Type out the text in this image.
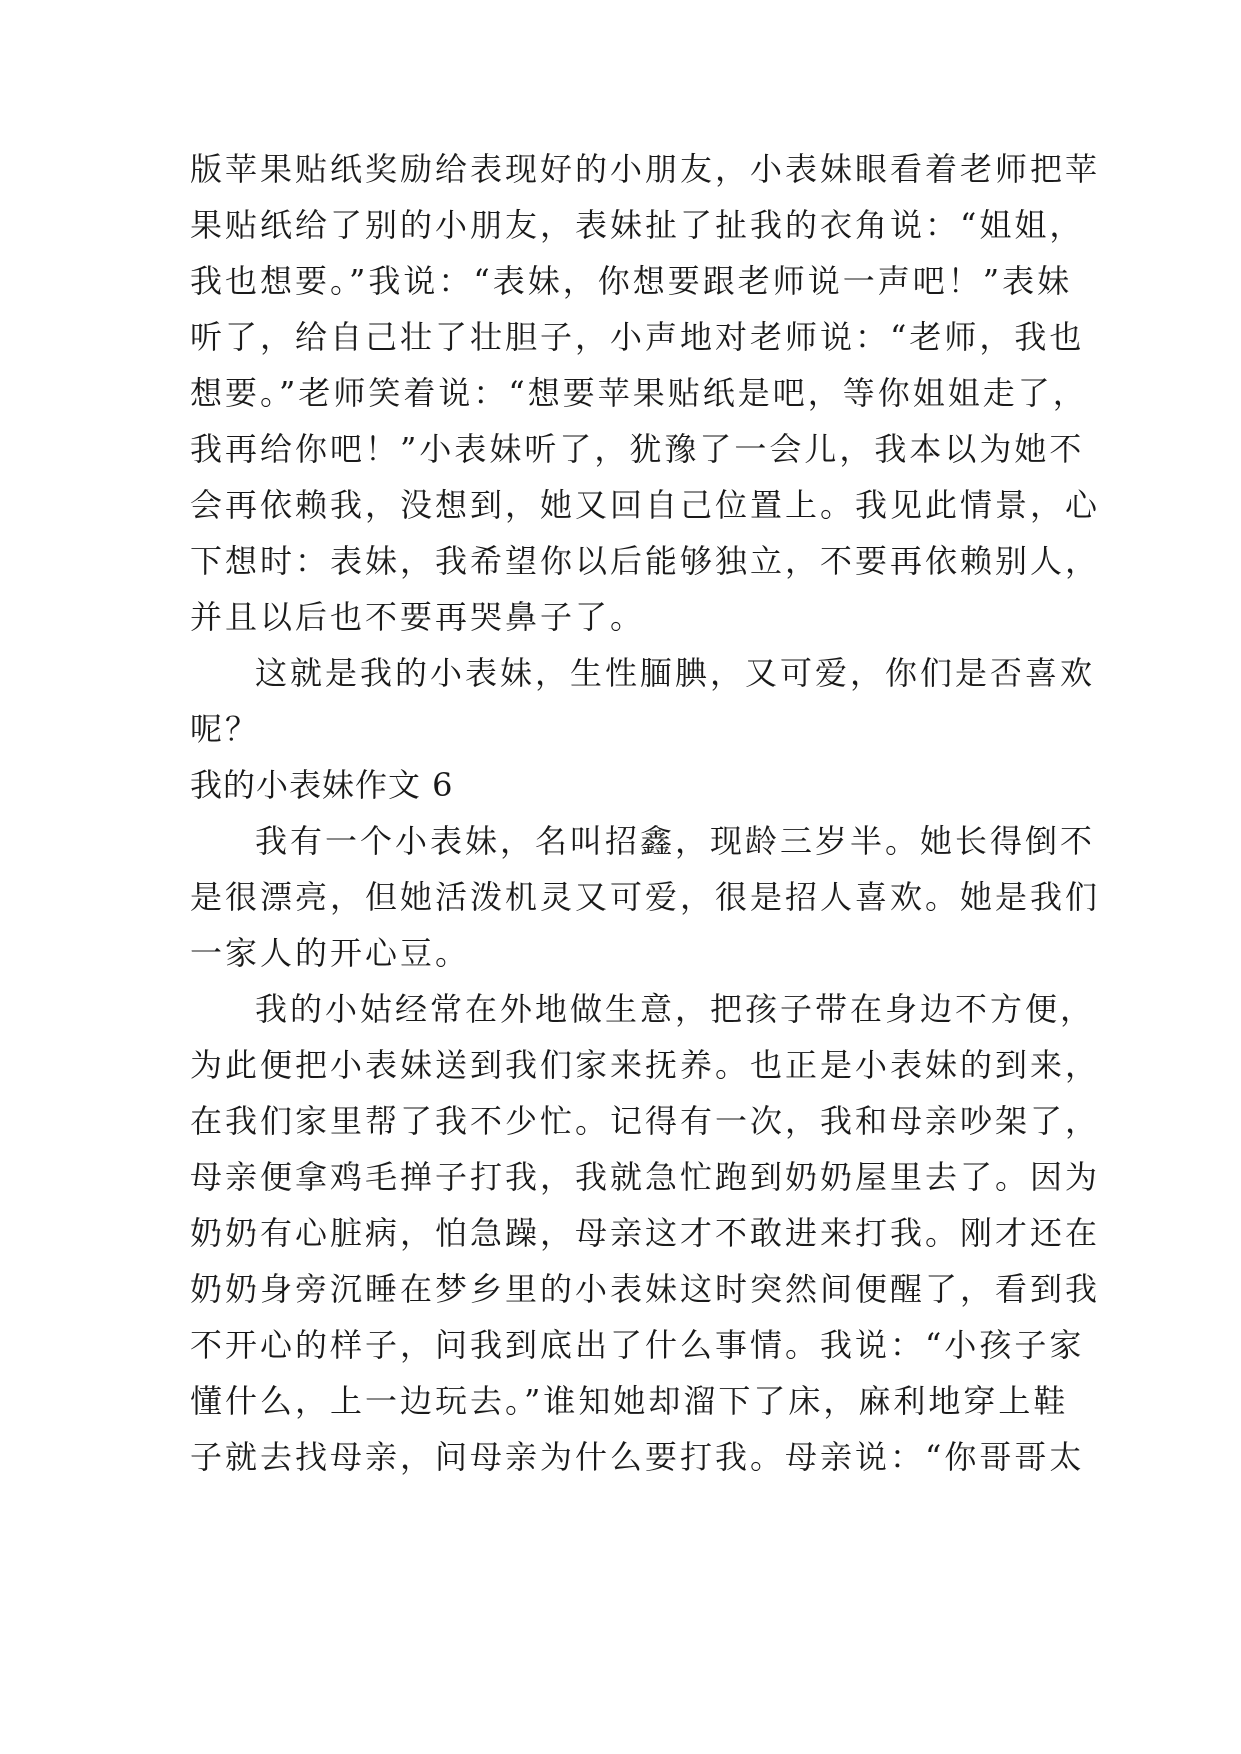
版苹果贴纸奖励给表现好的小朋友，小表妹眼看着老师把苹
果贴纸给了别的小朋友，表妹扯了扯我的衣角说：“姐姐，
我也想要。”我说：“表妹，你想要跟老师说一声吧！”表妹
听了，给自己壮了壮胆子，小声地对老师说：“老师，我也
想要。”老师笑着说：“想要苹果贴纸是吧，等你姐姐走了，
我再给你吧！”小表妹听了，犹豫了一会儿，我本以为她不
会再依赖我，没想到，她又回自己位置上。我见此情景，心
下想时：表妹，我希望你以后能够独立，不要再依赖别人，
并且以后也不要再哭鼻子了。
这就是我的小表妹，生性腼腆，又可爱，你们是否喜欢
呢？
我的小表妹作文 6
我有一个小表妹，名叫招鑫，现龄三岁半。她长得倒不
是很漂亮，但她活泼机灵又可爱，很是招人喜欢。她是我们
一家人的开心豆。
我的小姑经常在外地做生意，把孩子带在身边不方便，
为此便把小表妹送到我们家来抚养。也正是小表妹的到来，
在我们家里帮了我不少忙。记得有一次，我和母亲吵架了，
母亲便拿鸡毛掸子打我，我就急忙跑到奶奶屋里去了。因为
奶奶有心脏病，怕急躁，母亲这才不敢进来打我。刚才还在
奶奶身旁沉睡在梦乡里的小表妹这时突然间便醒了，看到我
不开心的样子，问我到底出了什么事情。我说：“小孩子家
懂什么，上一边玩去。”谁知她却溜下了床，麻利地穿上鞋
子就去找母亲，问母亲为什么要打我。母亲说：“你哥哥太
